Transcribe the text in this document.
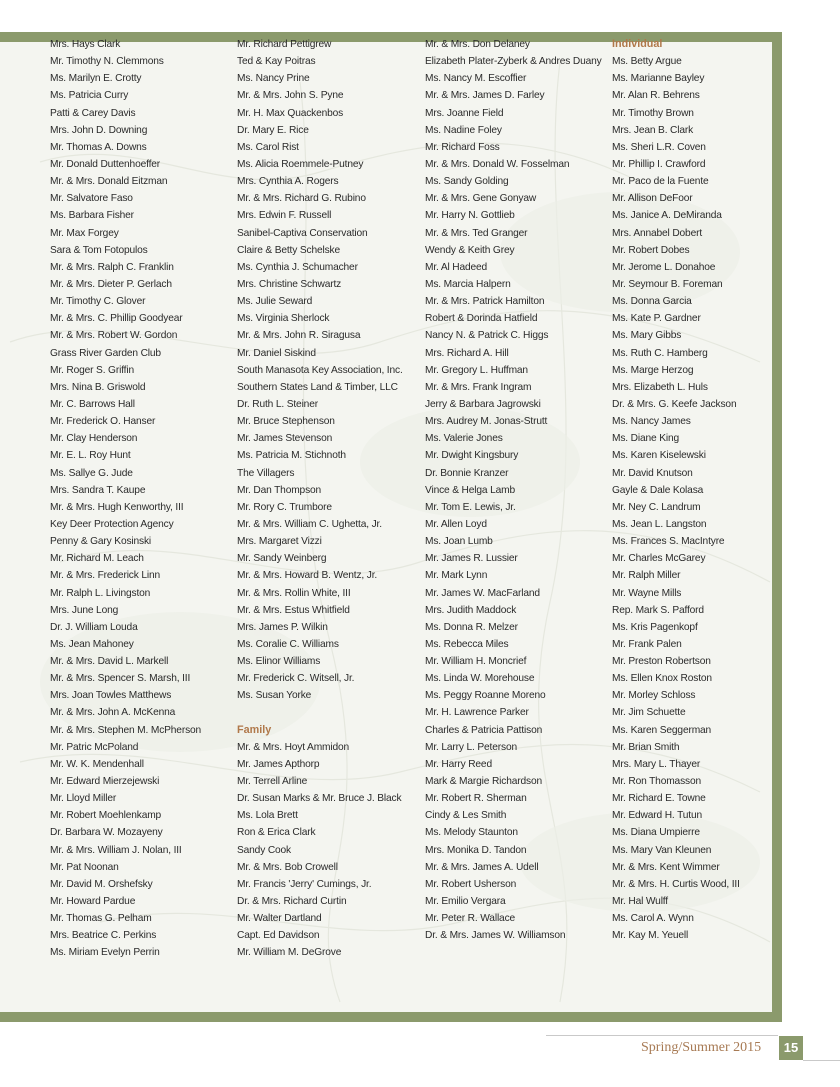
Mrs. Hays Clark
Mr. Timothy N. Clemmons
Ms. Marilyn E. Crotty
Ms. Patricia Curry
Patti & Carey Davis
Mrs. John D. Downing
Mr. Thomas A. Downs
Mr. Donald Duttenhoeffer
Mr. & Mrs. Donald Eitzman
Mr. Salvatore Faso
Ms. Barbara Fisher
Mr. Max Forgey
Sara & Tom Fotopulos
Mr. & Mrs. Ralph C. Franklin
Mr. & Mrs. Dieter P. Gerlach
Mr. Timothy C. Glover
Mr. & Mrs. C. Phillip Goodyear
Mr. & Mrs. Robert W. Gordon
Grass River Garden Club
Mr. Roger S. Griffin
Mrs. Nina B. Griswold
Mr. C. Barrows Hall
Mr. Frederick O. Hanser
Mr. Clay Henderson
Mr. E. L. Roy Hunt
Ms. Sallye G. Jude
Mrs. Sandra T. Kaupe
Mr. & Mrs. Hugh Kenworthy, III
Key Deer Protection Agency
Penny & Gary Kosinski
Mr. Richard M. Leach
Mr. & Mrs. Frederick Linn
Mr. Ralph L. Livingston
Mrs. June Long
Dr. J. William Louda
Ms. Jean Mahoney
Mr. & Mrs. David L. Markell
Mr. & Mrs. Spencer S. Marsh, III
Mrs. Joan Towles Matthews
Mr. & Mrs. John A. McKenna
Mr. & Mrs. Stephen M. McPherson
Mr. Patric McPoland
Mr. W. K. Mendenhall
Mr. Edward Mierzejewski
Mr. Lloyd Miller
Mr. Robert Moehlenkamp
Dr. Barbara W. Mozayeny
Mr. & Mrs. William J. Nolan, III
Mr. Pat Noonan
Mr. David M. Orshefsky
Mr. Howard Pardue
Mr. Thomas G. Pelham
Mrs. Beatrice C. Perkins
Ms. Miriam Evelyn Perrin
Mr. Richard Pettigrew
Ted & Kay Poitras
Ms. Nancy Prine
Mr. & Mrs. John S. Pyne
Mr. H. Max Quackenbos
Dr. Mary E. Rice
Ms. Carol Rist
Ms. Alicia Roemmele-Putney
Mrs. Cynthia A. Rogers
Mr. & Mrs. Richard G. Rubino
Mrs. Edwin F. Russell
Sanibel-Captiva Conservation
Claire & Betty Schelske
Ms. Cynthia J. Schumacher
Mrs. Christine Schwartz
Ms. Julie Seward
Ms. Virginia Sherlock
Mr. & Mrs. John R. Siragusa
Mr. Daniel Siskind
South Manasota Key Association, Inc.
Southern States Land & Timber, LLC
Dr. Ruth L. Steiner
Mr. Bruce Stephenson
Mr. James Stevenson
Ms. Patricia M. Stichnoth
The Villagers
Mr. Dan Thompson
Mr. Rory C. Trumbore
Mr. & Mrs. William C. Ughetta, Jr.
Mrs. Margaret Vizzi
Mr. Sandy Weinberg
Mr. & Mrs. Howard B. Wentz, Jr.
Mr. & Mrs. Rollin White, III
Mr. & Mrs. Estus Whitfield
Mrs. James P. Wilkin
Ms. Coralie C. Williams
Ms. Elinor Williams
Mr. Frederick C. Witsell, Jr.
Ms. Susan Yorke
Family
Mr. & Mrs. Hoyt Ammidon
Mr. James Apthorp
Mr. Terrell Arline
Dr. Susan Marks & Mr. Bruce J. Black
Ms. Lola Brett
Ron & Erica Clark
Sandy Cook
Mr. & Mrs. Bob Crowell
Mr. Francis 'Jerry' Cumings, Jr.
Dr. & Mrs. Richard Curtin
Mr. Walter Dartland
Capt. Ed Davidson
Mr. William M. DeGrove
Mr. & Mrs. Don Delaney
Elizabeth Plater-Zyberk & Andres Duany
Ms. Nancy M. Escoffier
Mr. & Mrs. James D. Farley
Mrs. Joanne Field
Ms. Nadine Foley
Mr. Richard Foss
Mr. & Mrs. Donald W. Fosselman
Ms. Sandy Golding
Mr. & Mrs. Gene Gonyaw
Mr. Harry N. Gottlieb
Mr. & Mrs. Ted Granger
Wendy & Keith Grey
Mr. Al Hadeed
Ms. Marcia Halpern
Mr. & Mrs. Patrick Hamilton
Robert & Dorinda Hatfield
Nancy N. & Patrick C. Higgs
Mrs. Richard A. Hill
Mr. Gregory L. Huffman
Mr. & Mrs. Frank Ingram
Jerry & Barbara Jagrowski
Mrs. Audrey M. Jonas-Strutt
Ms. Valerie Jones
Mr. Dwight Kingsbury
Dr. Bonnie Kranzer
Vince & Helga Lamb
Mr. Tom E. Lewis, Jr.
Mr. Allen Loyd
Ms. Joan Lumb
Mr. James R. Lussier
Mr. Mark Lynn
Mr. James W. MacFarland
Mrs. Judith Maddock
Ms. Donna R. Melzer
Ms. Rebecca Miles
Mr. William H. Moncrief
Ms. Linda W. Morehouse
Ms. Peggy Roanne Moreno
Mr. H. Lawrence Parker
Charles & Patricia Pattison
Mr. Larry L. Peterson
Mr. Harry Reed
Mark & Margie Richardson
Mr. Robert R. Sherman
Cindy & Les Smith
Ms. Melody Staunton
Mrs. Monika D. Tandon
Mr. & Mrs. James A. Udell
Mr. Robert Usherson
Mr. Emilio Vergara
Mr. Peter R. Wallace
Dr. & Mrs. James W. Williamson
Individual
Ms. Betty Argue
Ms. Marianne Bayley
Mr. Alan R. Behrens
Mr. Timothy Brown
Mrs. Jean B. Clark
Ms. Sheri L.R. Coven
Mr. Phillip I. Crawford
Mr. Paco de la Fuente
Mr. Allison DeFoor
Ms. Janice A. DeMiranda
Mrs. Annabel Dobert
Mr. Robert Dobes
Mr. Jerome L. Donahoe
Mr. Seymour B. Foreman
Ms. Donna Garcia
Ms. Kate P. Gardner
Ms. Mary Gibbs
Ms. Ruth C. Hamberg
Ms. Marge Herzog
Mrs. Elizabeth L. Huls
Dr. & Mrs. G. Keefe Jackson
Ms. Nancy James
Ms. Diane King
Ms. Karen Kiselewski
Mr. David Knutson
Gayle & Dale Kolasa
Mr. Ney C. Landrum
Ms. Jean L. Langston
Ms. Frances S. MacIntyre
Mr. Charles McGarey
Mr. Ralph Miller
Mr. Wayne Mills
Rep. Mark S. Pafford
Ms. Kris Pagenkopf
Mr. Frank Palen
Mr. Preston Robertson
Ms. Ellen Knox Roston
Mr. Morley Schloss
Mr. Jim Schuette
Ms. Karen Seggerman
Mr. Brian Smith
Mrs. Mary L. Thayer
Mr. Ron Thomasson
Mr. Richard E. Towne
Mr. Edward H. Tutun
Ms. Diana Umpierre
Ms. Mary Van Kleunen
Mr. & Mrs. Kent Wimmer
Mr. & Mrs. H. Curtis Wood, III
Mr. Hal Wulff
Ms. Carol A. Wynn
Mr. Kay M. Yeuell
Spring/Summer 2015	15
